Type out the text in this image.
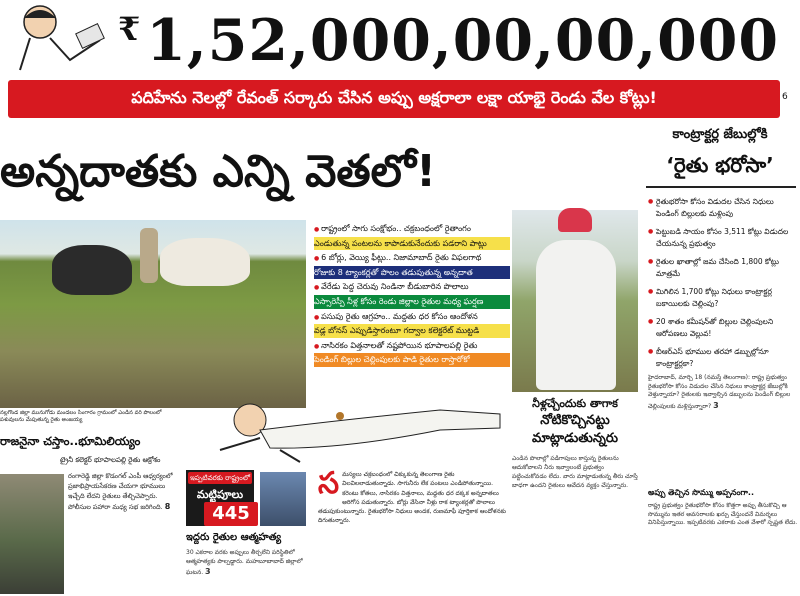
₹ 1,52,000,00,00,000
పదిహేను నెలల్లో రేవంత్ సర్కారు చేసిన అప్పు అక్షరాలా లక్షా యాభై రెండు వేల కోట్లు!	6
అన్నదాతకు ఎన్ని వెతలో!
నల్లగొండ జిల్లా మునుగోడు మండలం సింగారం గ్రామంలో ఎండిన వరి పొలంలో పశువులను మేపుతున్న రైతు అంజయ్య
● రాష్ట్రంలో సాగు సంక్షోభం.. చక్రబంధంలో రైతాంగం
ఎండుతున్న పంటలను కాపాడుకునేందుకు పడరాని పాట్లు
● 6 బోర్లు, వెయ్యి ఫీట్లు.. నిజామాబాద్ రైతు విఫలగాథ
రోజుకు 8 ట్యాంకర్లతో పొలం తడుపుతున్న అన్నదాత
● వేరేడు పెద్ద చెరువు నిండినా బీడుబారిన పొలాలు
ఎస్సారెస్పీ నీళ్ల కోసం రెండు జిల్లాల రైతుల మధ్య ఘర్షణ
● పసుపు రైతు ఆగ్రహం.. మద్దతు ధర కోసం ఆందోళన
వడ్ల బోనస్ ఎప్పుడిస్తారంటూ గద్వాల కలెక్టరేట్ ముట్టడి
● నాసిరకం విత్తనాలతో నష్టపోయిన భూపాలపల్లి రైతు
పెండింగ్ బిల్లుల చెల్లింపులకు పాడి రైతుల రాస్తారోకో
కాంట్రాక్టర్ల జేబుల్లోకి
‘రైతు భరోసా’
● రైతుభరోసా కోసం విడుదల చేసిన నిధులు పెండింగ్ బిల్లులకు మళ్లింపు
● పెట్టుబడి సాయం కోసం 3,511 కోట్లు విడుదల చేయనున్న ప్రభుత్వం
● రైతుల ఖాతాల్లో జమ చేసింది 1,800 కోట్లు మాత్రమే
● మిగిలిన 1,700 కోట్లు నిధులు కాంట్రాక్టర్ల బకాయిలకు చెల్లింపు?
● 20 శాతం కమీషన్‌తో బిల్లుల చెల్లింపులని ఆరోపణలు వెల్లువ!
● బీఆర్ఎస్ భూముల తరహా డబ్బుల్లోనూ కాంట్రాక్టర్లకా?
హైదరాబాద్, మార్చి 18 (నమస్తే తెలంగాణ): రాష్ట్ర ప్రభుత్వం రైతుభరోసా కోసం విడుదల చేసిన నిధులు కాంట్రాక్టర్ల జేబుల్లోకి వెళ్తున్నాయా? రైతులకు ఇవ్వాల్సిన డబ్బులను పెండింగ్ బిల్లుల చెల్లింపులకు మళ్లిస్తున్నారా? 3
అప్పు తెచ్చిన సొమ్ము అప్పనంగా..
రాష్ట్ర ప్రభుత్వం రైతుభరోసా కోసం కొత్తగా అప్పు తీసుకొచ్చి ఆ సొమ్మును ఇతర అవసరాలకు ఖర్చు చేస్తుందనే విమర్శలు వినిపిస్తున్నాయి. ఇప్పటివరకు ఎకరాకు ఎంత వేశారో స్పష్టత లేదు.
నీళ్లచ్చేందుకు తాగాక
నోటికొచ్చినట్టు
మాట్లాడుతున్నరు
ఎండిన పొలాల్లో పడిగాపులు కాస్తున్న రైతులను ఆదుకోవాలని నీరు ఇవ్వాలంటే ప్రభుత్వం పట్టించుకోవడం లేదు. వారు మాట్లాడుతున్న తీరు చూస్తే బాధగా ఉందని రైతులు ఆవేదన వ్యక్తం చేస్తున్నారు.
రాజనైనా చస్తాం..భూమిలియ్యం
ట్రైనీ కలెక్టర్ భూపాలపల్లి రైతు ఆక్రోశం
రంగారెడ్డి జిల్లా కొడంగల్ ఎంపీ ఆధ్వర్యంలో ప్రజాభిప్రాయసేకరణ చేయగా భూములు ఇచ్చేది లేదని రైతులు తేల్చిచెప్పారు. పోలీసుల పహారా మధ్య సభ జరిగింది. 8
ఇప్పటివరకు రాష్ట్రంలో
మట్టిపూలు
445
ఇద్దరు రైతుల ఆత్మహత్య
30 ఎకరాల వరకు అప్పులు తీర్చలేని పరిస్థితిలో ఆత్మహత్యకు పాల్పడ్డారు. మహబూబాబాద్ జిల్లాలో ఘటన. 3
స మస్యలు చక్రబంధంలో చిక్కుకున్న తెలంగాణ రైతు విలవిలలాడుతున్నాడు. సాగునీరు లేక పంటలు ఎండిపోతున్నాయి. కరెంటు కోతలు, నాసిరకం విత్తనాలు, మద్దతు ధర దక్కక అన్నదాతలు అరిగోస పడుతున్నారు. బోర్లు వేసినా నీళ్లు రాక ట్యాంకర్లతో పొలాలు తడుపుకుంటున్నారు. రైతుభరోసా నిధులు అందక, రుణమాఫీ పూర్తికాక ఆందోళనకు దిగుతున్నారు.
